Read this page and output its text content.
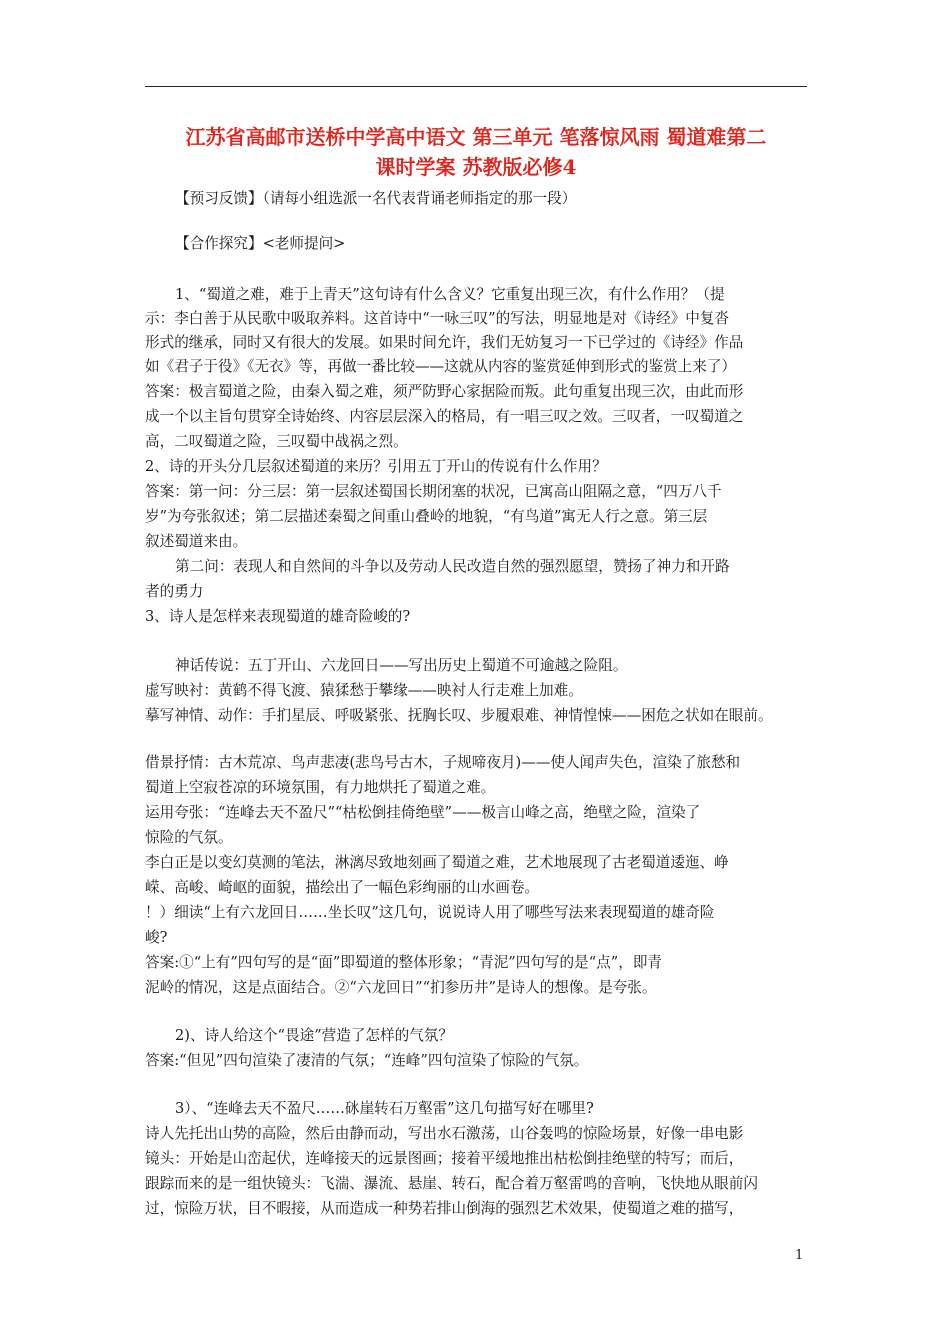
江苏省高邮市送桥中学高中语文 第三单元 笔落惊风雨 蜀道难第二
课时学案 苏教版必修4
【预习反馈】（请每小组选派一名代表背诵老师指定的那一段）
【合作探究】<老师提问>
1、“蜀道之难，难于上青天”这句诗有什么含义？它重复出现三次，有什么作用？（提
示：李白善于从民歌中吸取养料。这首诗中“一咏三叹”的写法，明显地是对《诗经》中复沓
形式的继承，同时又有很大的发展。如果时间允许，我们无妨复习一下已学过的《诗经》作品
如《君子于役》《无衣》等，再做一番比较——这就从内容的鉴赏延伸到形式的鉴赏上来了）
答案：极言蜀道之险，由秦入蜀之难，须严防野心家据险而叛。此句重复出现三次，由此而形
成一个以主旨句贯穿全诗始终、内容层层深入的格局，有一唱三叹之效。三叹者，一叹蜀道之
高，二叹蜀道之险，三叹蜀中战祸之烈。
2、诗的开头分几层叙述蜀道的来历？引用五丁开山的传说有什么作用？
答案：第一问：分三层：第一层叙述蜀国长期闭塞的状况，已寓高山阻隔之意，“四万八千
岁”为夸张叙述；第二层描述秦蜀之间重山叠岭的地貌，“有鸟道”寓无人行之意。第三层
叙述蜀道来由。
第二问：表现人和自然间的斗争以及劳动人民改造自然的强烈愿望，赞扬了神力和开路
者的勇力
3、诗人是怎样来表现蜀道的雄奇险峻的?
神话传说：五丁开山、六龙回日——写出历史上蜀道不可逾越之险阻。
虚写映衬：黄鹤不得飞渡、猿猱愁于攀缘——映衬人行走难上加难。
摹写神情、动作：手扪星辰、呼吸紧张、抚胸长叹、步履艰难、神情惶悚——困危之状如在眼前。
借景抒情：古木荒凉、鸟声悲凄(悲鸟号古木，子规啼夜月)——使人闻声失色，渲染了旅愁和
蜀道上空寂苍凉的环境氛围，有力地烘托了蜀道之难。
运用夸张：“连峰去天不盈尺”“枯松倒挂倚绝壁”——极言山峰之高，绝壁之险，渲染了
惊险的气氛。
李白正是以变幻莫测的笔法，淋漓尽致地刻画了蜀道之难，艺术地展现了古老蜀道逶迤、峥
嵘、高峻、崎岖的面貌，描绘出了一幅色彩绚丽的山水画卷。
！）细读“上有六龙回日……坐长叹”这几句，说说诗人用了哪些写法来表现蜀道的雄奇险
峻?
答案:①“上有”四句写的是“面”即蜀道的整体形象；“青泥”四句写的是“点”，即青
泥岭的情况，这是点面结合。②“六龙回日”“扪参历井”是诗人的想像。是夸张。
2)、诗人给这个“畏途”营造了怎样的气氛？
答案:“但见”四句渲染了凄清的气氛；“连峰”四句渲染了惊险的气氛。
3）、“连峰去天不盈尺……砯崖转石万壑雷”这几句描写好在哪里?
诗人先托出山势的高险，然后由静而动，写出水石激荡，山谷轰鸣的惊险场景，好像一串电影
镜头：开始是山峦起伏，连峰接天的远景图画；接着平缓地推出枯松倒挂绝壁的特写；而后，
跟踪而来的是一组快镜头：飞湍、瀑流、悬崖、转石，配合着万壑雷鸣的音响，飞快地从眼前闪
过，惊险万状，目不暇接，从而造成一种势若排山倒海的强烈艺术效果，使蜀道之难的描写，
1
